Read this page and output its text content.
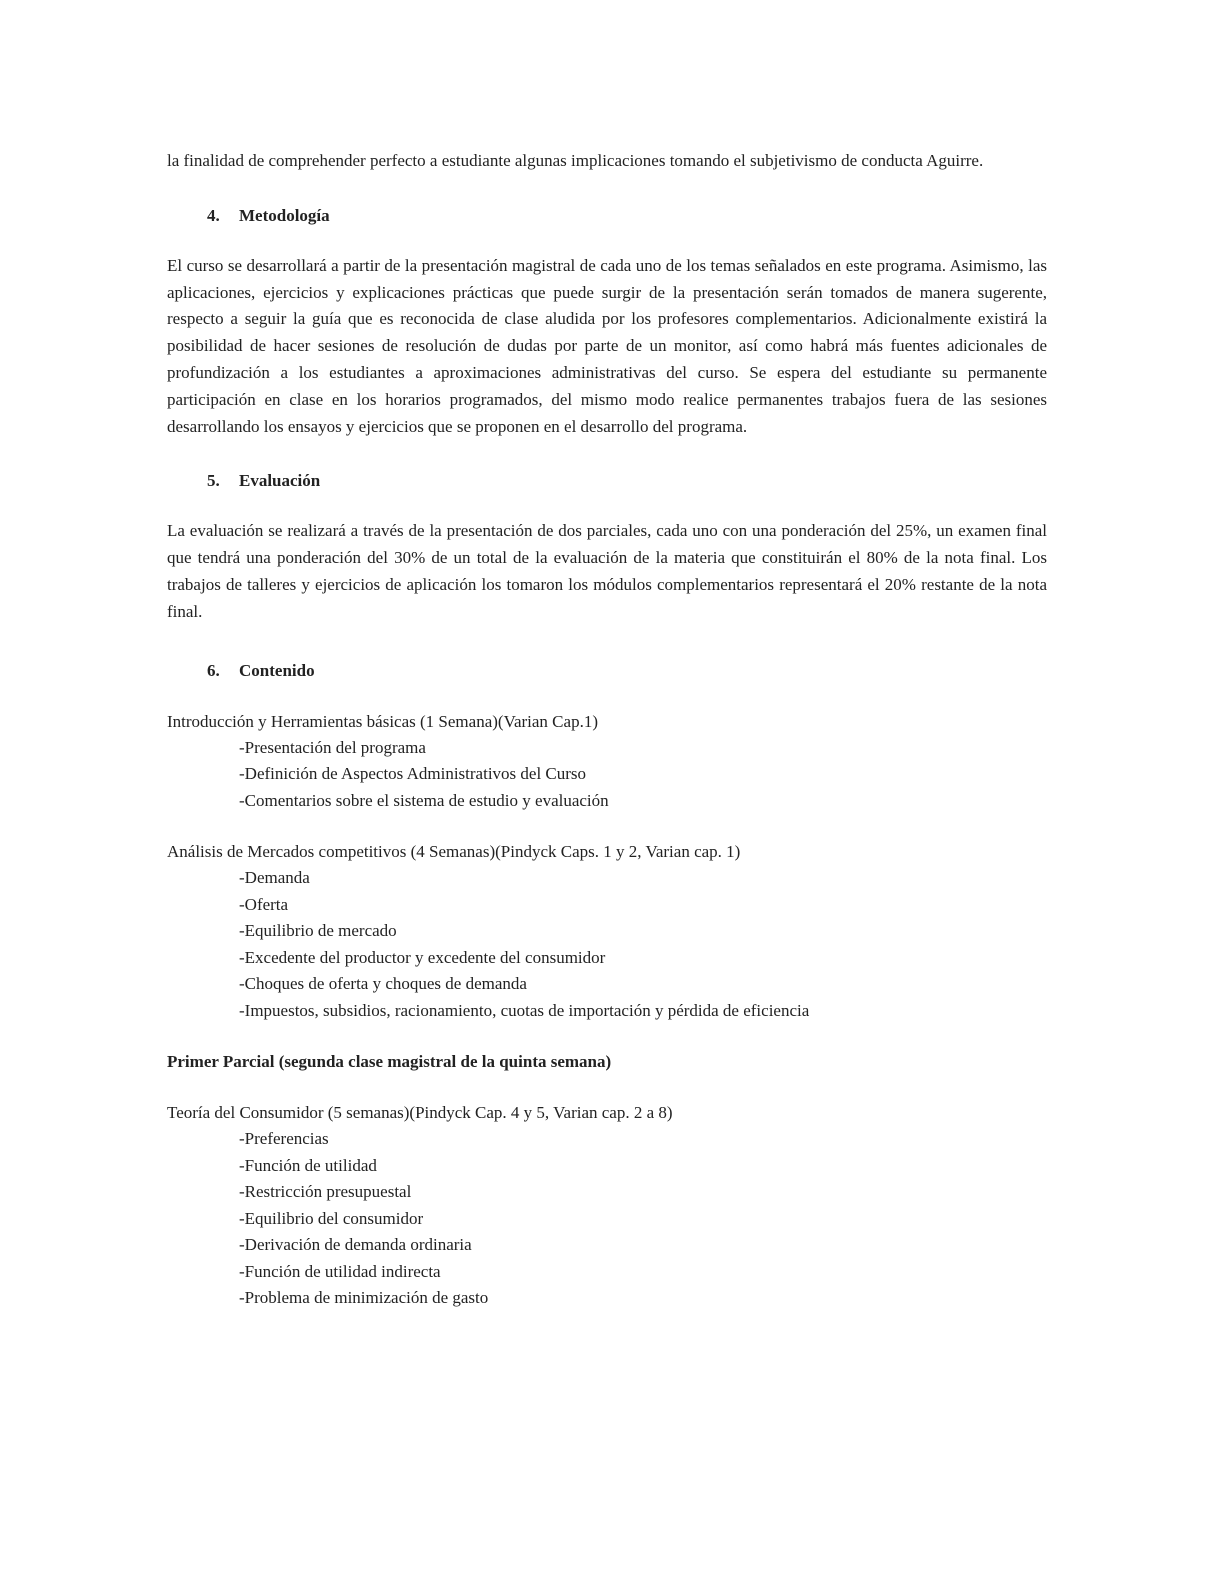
la finalidad de comprehender perfecto a estudiante algunas implicaciones tomando el subjetivismo de conducta Aguirre.

4. Metodología

El curso se desarrollará a partir de la presentación magistral de cada uno de los temas señalados en este programa. Asimismo, las aplicaciones, ejercicios y explicaciones prácticas que puede surgir de la presentación serán tomados de manera sugerente, respecto a seguir la guía que es reconocida de clase aludida por los profesores complementarios. Adicionalmente existirá la posibilidad de hacer sesiones de resolución de dudas por parte de un monitor, así como habrá más fuentes adicionales de profundización a los estudiantes a aproximaciones administrativas del curso. Se espera del estudiante su permanente participación en clase en los horarios programados, del mismo modo realice permanentes trabajos fuera de las sesiones desarrollando los ensayos y ejercicios que se proponen en el desarrollo del programa.

5. Evaluación

La evaluación se realizará a través de la presentación de dos parciales, cada uno con una ponderación del 25%, un examen final que tendrá una ponderación del 30% de un total de la evaluación de la materia que constituirán el 80% de la nota final. Los trabajos de talleres y ejercicios de aplicación los tomaron los módulos complementarios representará el 20% restante de la nota final.

6. Contenido

Introducción y Herramientas básicas (1 Semana)(Varian Cap.1)

-Presentación del programa
-Definición de Aspectos Administrativos del Curso
-Comentarios sobre el sistema de estudio y evaluación

Análisis de Mercados competitivos (4 Semanas)(Pindyck Caps. 1 y 2, Varian cap. 1)

-Demanda
-Oferta
-Equilibrio de mercado
-Excedente del productor y excedente del consumidor
-Choques de oferta y choques de demanda
-Impuestos, subsidios, racionamiento, cuotas de importación y pérdida de eficiencia

Primer Parcial (segunda clase magistral de la quinta semana)

Teoría del Consumidor (5 semanas)(Pindyck Cap. 4 y 5, Varian cap. 2 a 8)

-Preferencias
-Función de utilidad
-Restricción presupuestal
-Equilibrio del consumidor
-Derivación de demanda ordinaria
-Función de utilidad indirecta
-Problema de minimización de gasto
